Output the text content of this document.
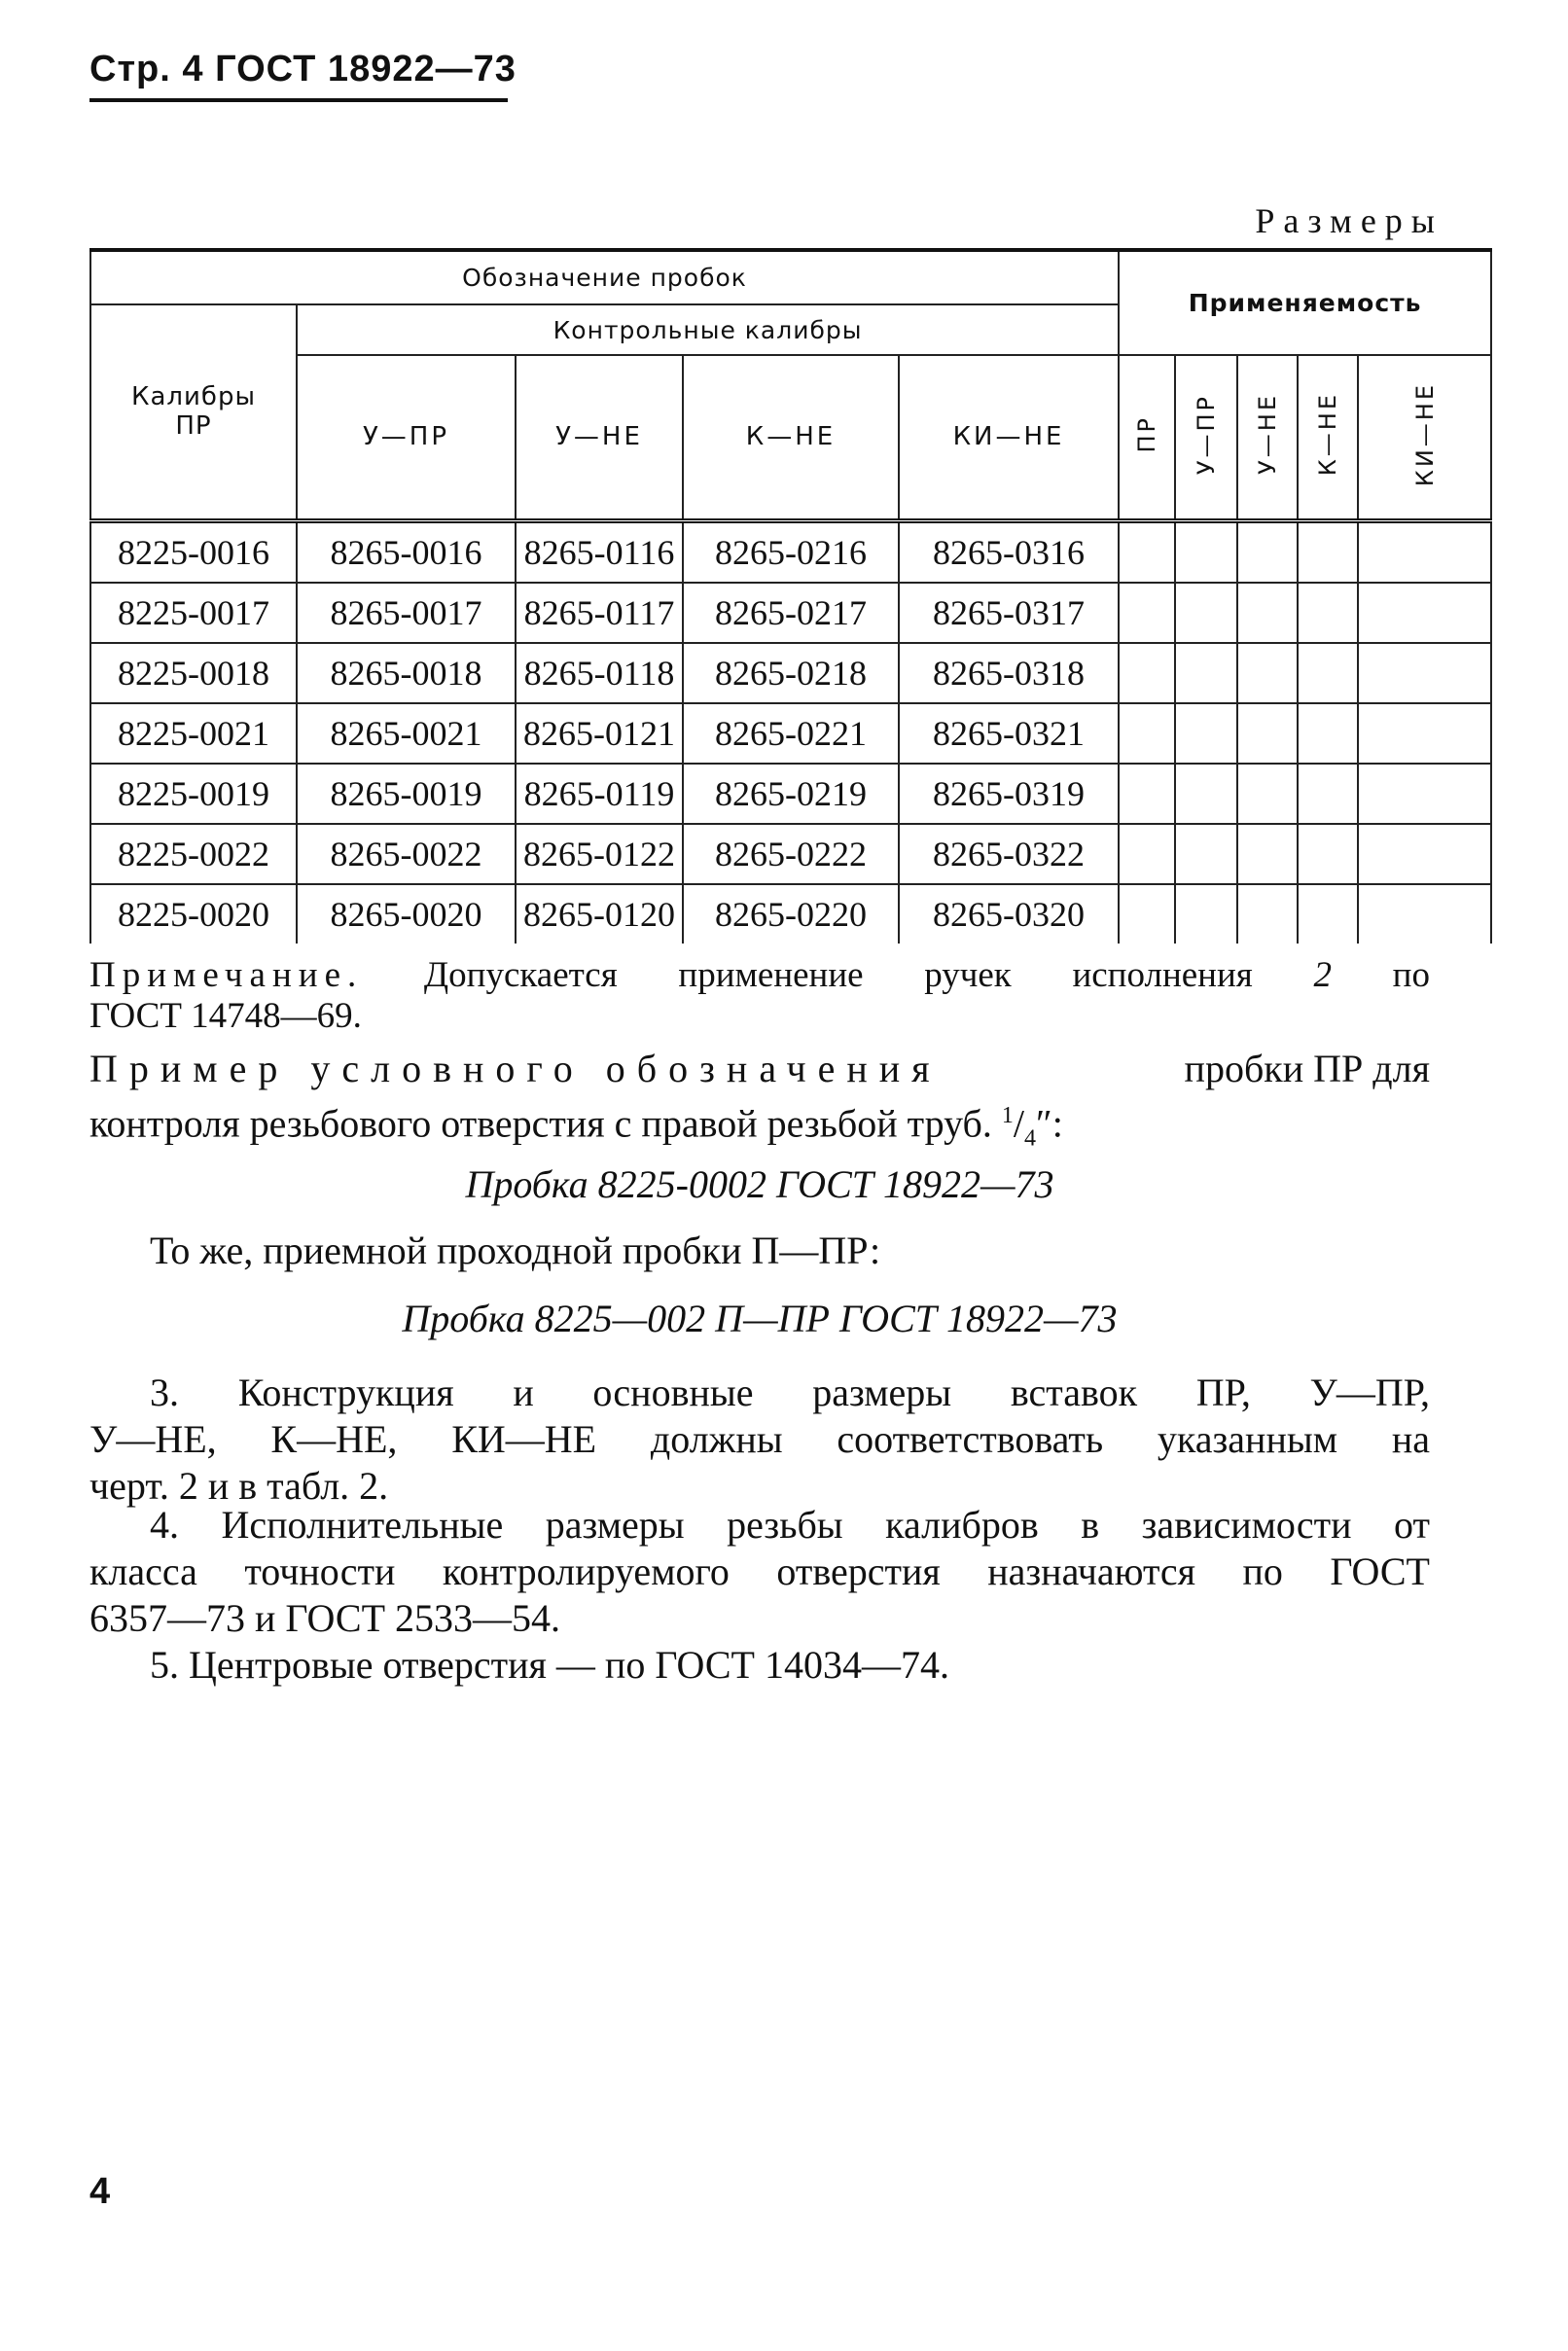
Стр. 4 ГОСТ 18922—73
Размеры
Обозначение пробок					Применяемость				
Калибры ПР	Контрольные калибры								
	У—ПР	У—НЕ	К—НЕ	КИ—НЕ	ПР	У—ПР	У—НЕ	К—НЕ	КИ—НЕ
8225-0016	8265-0016	8265-0116	8265-0216	8265-0316					
8225-0017	8265-0017	8265-0117	8265-0217	8265-0317					
8225-0018	8265-0018	8265-0118	8265-0218	8265-0318					
8225-0021	8265-0021	8265-0121	8265-0221	8265-0321					
8225-0019	8265-0019	8265-0119	8265-0219	8265-0319					
8225-0022	8265-0022	8265-0122	8265-0222	8265-0322					
8225-0020	8265-0020	8265-0120	8265-0220	8265-0320					
Примечание. Допускается применение ручек исполнения 2 по
ГОСТ 14748—69.
Пример условного обозначения	пробки ПР для
контроля резьбового отверстия с правой резьбой труб. $^1/_4''$:
Пробка 8225-0002 ГОСТ 18922—73
То же, приемной проходной пробки П—ПР:
Пробка 8225—002 П—ПР ГОСТ 18922—73
3. Конструкция и основные размеры вставок ПР, У—ПР,
У—НЕ, К—НЕ, КИ—НЕ должны соответствовать указанным на
черт. 2 и в табл. 2.
4. Исполнительные размеры резьбы калибров в зависимости от
класса точности контролируемого отверстия назначаются по ГОСТ
6357—73 и ГОСТ 2533—54.
5. Центровые отверстия — по ГОСТ 14034—74.
4
